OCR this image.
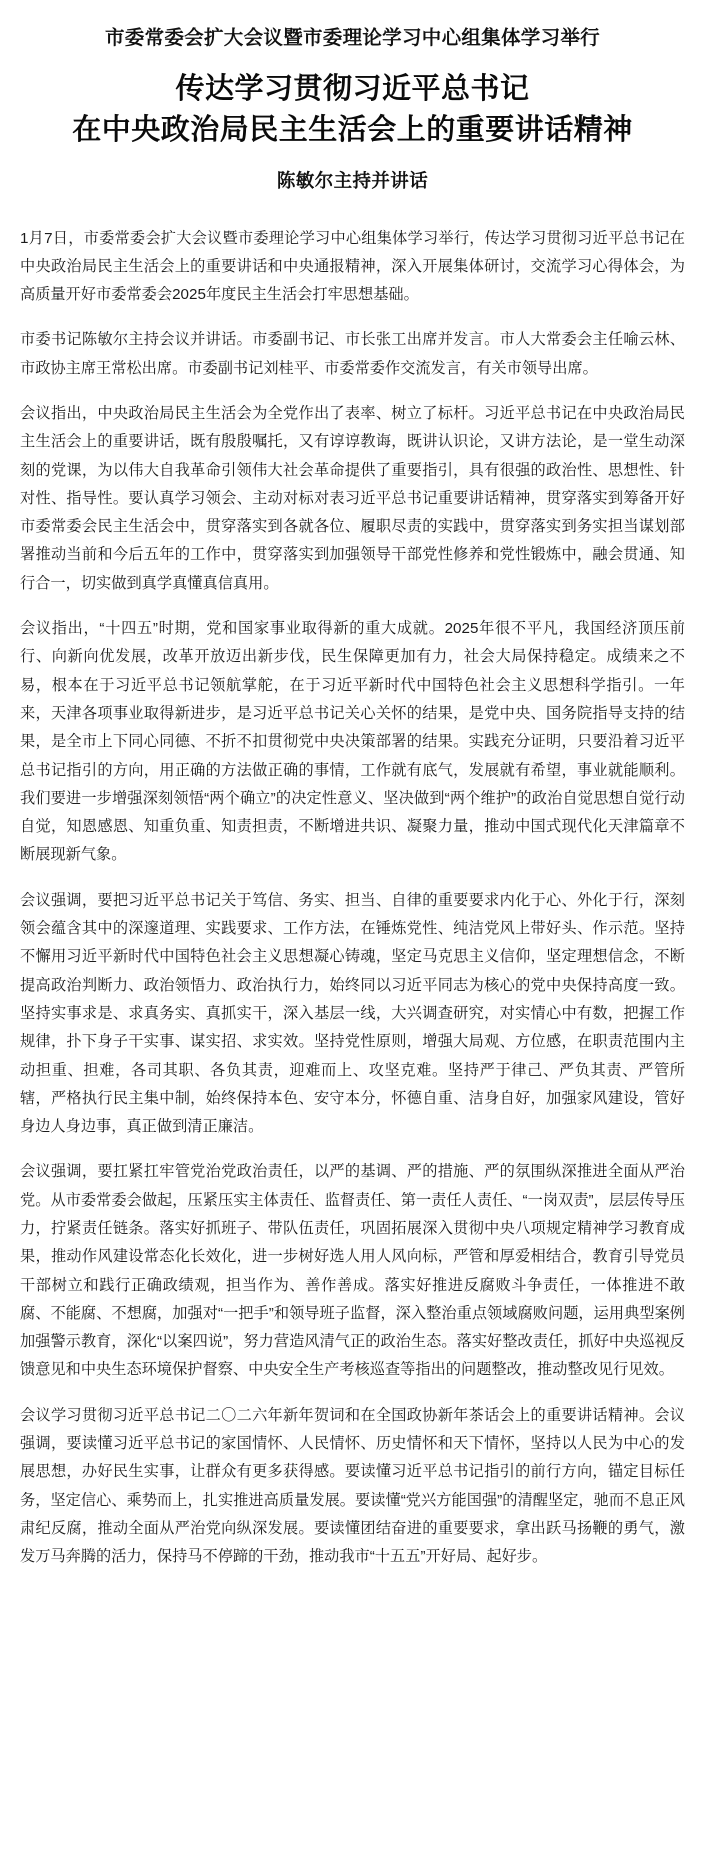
市委常委会扩大会议暨市委理论学习中心组集体学习举行
传达学习贯彻习近平总书记
在中央政治局民主生活会上的重要讲话精神
陈敏尔主持并讲话

1月7日，市委常委会扩大会议暨市委理论学习中心组集体学习举行，传达学习贯彻习近平总书记在中央政治局民主生活会上的重要讲话和中央通报精神，深入开展集体研讨，交流学习心得体会，为高质量开好市委常委会2025年度民主生活会打牢思想基础。

市委书记陈敏尔主持会议并讲话。市委副书记、市长张工出席并发言。市人大常委会主任喻云林、市政协主席王常松出席。市委副书记刘桂平、市委常委作交流发言，有关市领导出席。

会议指出，中央政治局民主生活会为全党作出了表率、树立了标杆。习近平总书记在中央政治局民主生活会上的重要讲话，既有殷殷嘱托，又有谆谆教诲，既讲认识论，又讲方法论，是一堂生动深刻的党课，为以伟大自我革命引领伟大社会革命提供了重要指引，具有很强的政治性、思想性、针对性、指导性。要认真学习领会、主动对标对表习近平总书记重要讲话精神，贯穿落实到筹备开好市委常委会民主生活会中，贯穿落实到各就各位、履职尽责的实践中，贯穿落实到务实担当谋划部署推动当前和今后五年的工作中，贯穿落实到加强领导干部党性修养和党性锻炼中，融会贯通、知行合一，切实做到真学真懂真信真用。

会议指出，“十四五”时期，党和国家事业取得新的重大成就。2025年很不平凡，我国经济顶压前行、向新向优发展，改革开放迈出新步伐，民生保障更加有力，社会大局保持稳定。成绩来之不易，根本在于习近平总书记领航掌舵，在于习近平新时代中国特色社会主义思想科学指引。一年来，天津各项事业取得新进步，是习近平总书记关心关怀的结果，是党中央、国务院指导支持的结果，是全市上下同心同德、不折不扣贯彻党中央决策部署的结果。实践充分证明，只要沿着习近平总书记指引的方向，用正确的方法做正确的事情，工作就有底气，发展就有希望，事业就能顺利。我们要进一步增强深刻领悟“两个确立”的决定性意义、坚决做到“两个维护”的政治自觉思想自觉行动自觉，知恩感恩、知重负重、知责担责，不断增进共识、凝聚力量，推动中国式现代化天津篇章不断展现新气象。

会议强调，要把习近平总书记关于笃信、务实、担当、自律的重要要求内化于心、外化于行，深刻领会蕴含其中的深邃道理、实践要求、工作方法，在锤炼党性、纯洁党风上带好头、作示范。坚持不懈用习近平新时代中国特色社会主义思想凝心铸魂，坚定马克思主义信仰，坚定理想信念，不断提高政治判断力、政治领悟力、政治执行力，始终同以习近平同志为核心的党中央保持高度一致。坚持实事求是、求真务实、真抓实干，深入基层一线，大兴调查研究，对实情心中有数，把握工作规律，扑下身子干实事、谋实招、求实效。坚持党性原则，增强大局观、方位感，在职责范围内主动担重、担难，各司其职、各负其责，迎难而上、攻坚克难。坚持严于律己、严负其责、严管所辖，严格执行民主集中制，始终保持本色、安守本分，怀德自重、洁身自好，加强家风建设，管好身边人身边事，真正做到清正廉洁。

会议强调，要扛紧扛牢管党治党政治责任，以严的基调、严的措施、严的氛围纵深推进全面从严治党。从市委常委会做起，压紧压实主体责任、监督责任、第一责任人责任、“一岗双责”，层层传导压力，拧紧责任链条。落实好抓班子、带队伍责任，巩固拓展深入贯彻中央八项规定精神学习教育成果，推动作风建设常态化长效化，进一步树好选人用人风向标，严管和厚爱相结合，教育引导党员干部树立和践行正确政绩观，担当作为、善作善成。落实好推进反腐败斗争责任，一体推进不敢腐、不能腐、不想腐，加强对“一把手”和领导班子监督，深入整治重点领域腐败问题，运用典型案例加强警示教育，深化“以案四说”，努力营造风清气正的政治生态。落实好整改责任，抓好中央巡视反馈意见和中央生态环境保护督察、中央安全生产考核巡查等指出的问题整改，推动整改见行见效。

会议学习贯彻习近平总书记二〇二六年新年贺词和在全国政协新年茶话会上的重要讲话精神。会议强调，要读懂习近平总书记的家国情怀、人民情怀、历史情怀和天下情怀，坚持以人民为中心的发展思想，办好民生实事，让群众有更多获得感。要读懂习近平总书记指引的前行方向，锚定目标任务，坚定信心、乘势而上，扎实推进高质量发展。要读懂“党兴方能国强”的清醒坚定，驰而不息正风肃纪反腐，推动全面从严治党向纵深发展。要读懂团结奋进的重要要求，拿出跃马扬鞭的勇气，激发万马奔腾的活力，保持马不停蹄的干劲，推动我市“十五五”开好局、起好步。
